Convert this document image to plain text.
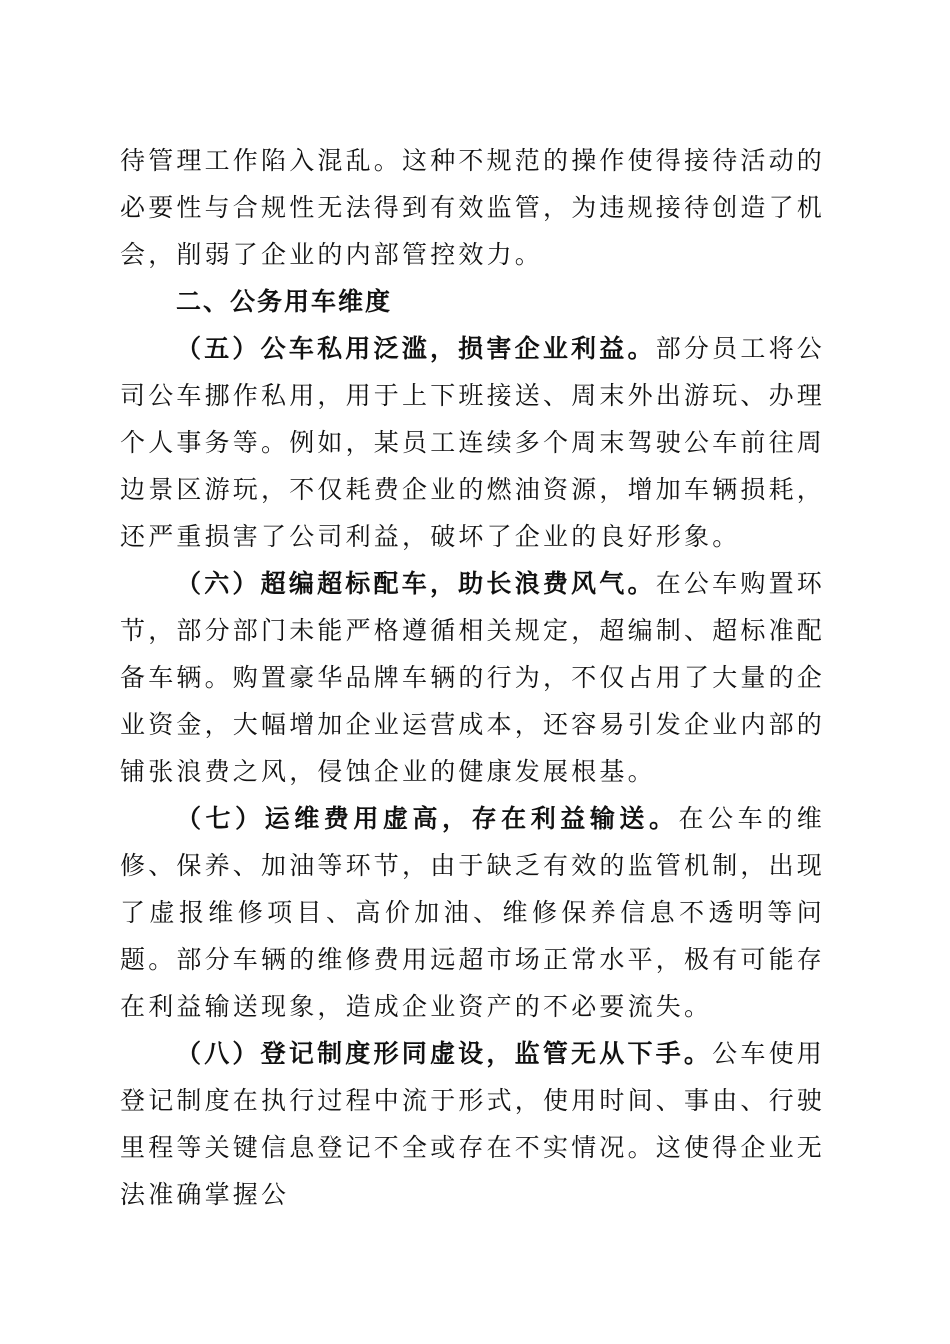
待管理工作陷入混乱。这种不规范的操作使得接待活动的必要性与合规性无法得到有效监管，为违规接待创造了机会，削弱了企业的内部管控效力。

二、公务用车维度

（五）公车私用泛滥，损害企业利益。部分员工将公司公车挪作私用，用于上下班接送、周末外出游玩、办理个人事务等。例如，某员工连续多个周末驾驶公车前往周边景区游玩，不仅耗费企业的燃油资源，增加车辆损耗，还严重损害了公司利益，破坏了企业的良好形象。

（六）超编超标配车，助长浪费风气。在公车购置环节，部分部门未能严格遵循相关规定，超编制、超标准配备车辆。购置豪华品牌车辆的行为，不仅占用了大量的企业资金，大幅增加企业运营成本，还容易引发企业内部的铺张浪费之风，侵蚀企业的健康发展根基。

（七）运维费用虚高，存在利益输送。在公车的维修、保养、加油等环节，由于缺乏有效的监管机制，出现了虚报维修项目、高价加油、维修保养信息不透明等问题。部分车辆的维修费用远超市场正常水平，极有可能存在利益输送现象，造成企业资产的不必要流失。

（八）登记制度形同虚设，监管无从下手。公车使用登记制度在执行过程中流于形式，使用时间、事由、行驶里程等关键信息登记不全或存在不实情况。这使得企业无法准确掌握公
